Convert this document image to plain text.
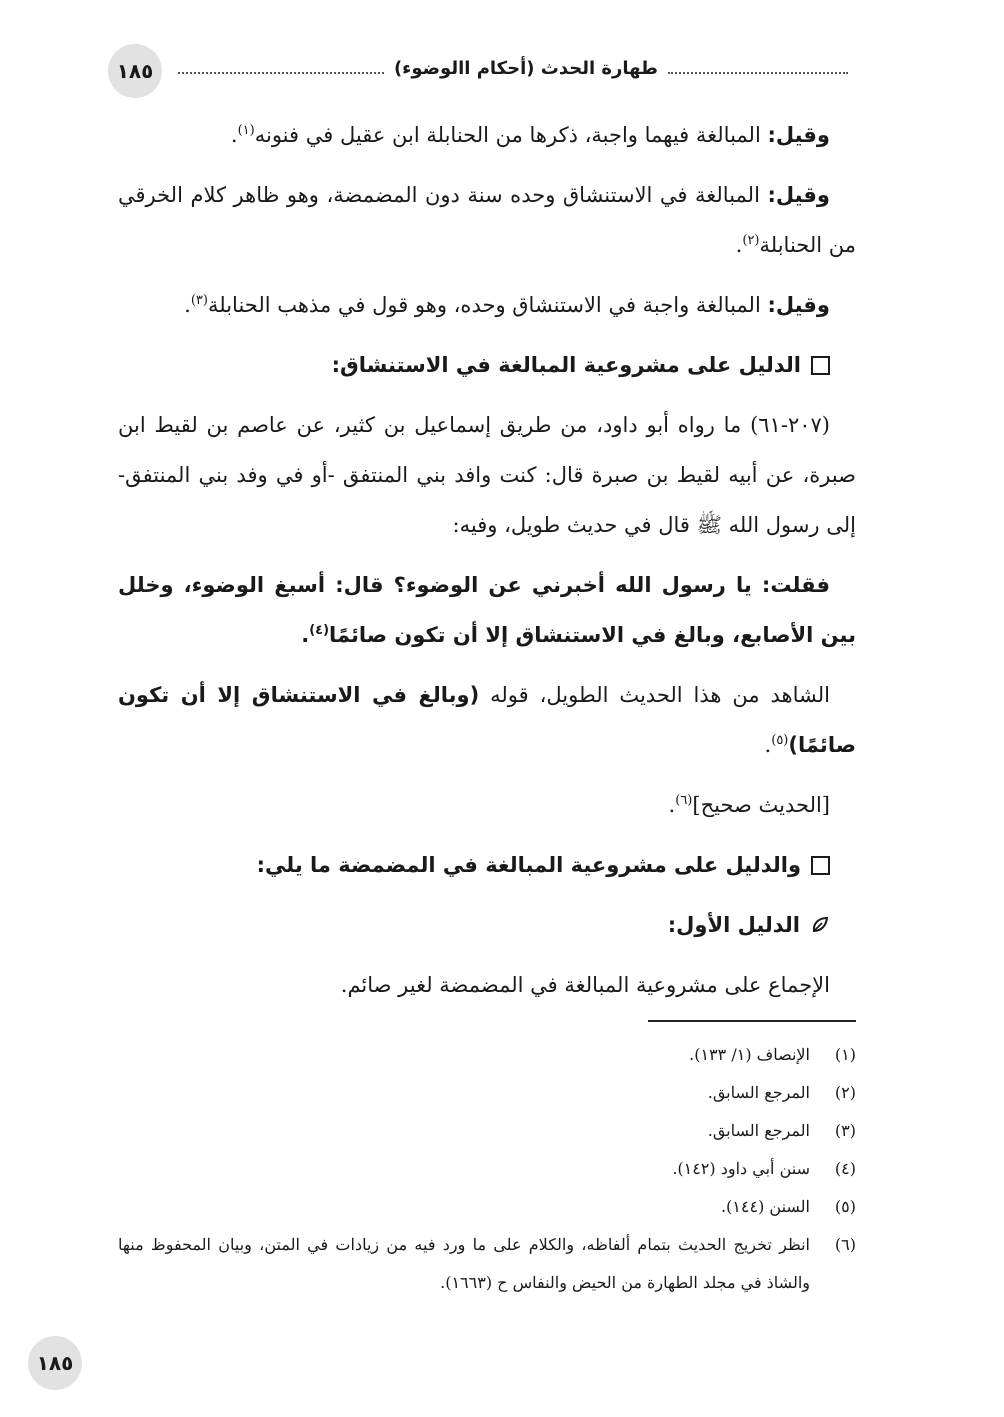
١٨٥	طهارة الحدث (أحكام االوضوء)

وقيل: المبالغة فيهما واجبة، ذكرها من الحنابلة ابن عقيل في فنونه$^{(١)}$.

وقيل: المبالغة في الاستنشاق وحده سنة دون المضمضة، وهو ظاهر كلام الخرقي من الحنابلة$^{(٢)}$.

وقيل: المبالغة واجبة في الاستنشاق وحده، وهو قول في مذهب الحنابلة$^{(٣)}$.

الدليل على مشروعية المبالغة في الاستنشاق:

(٢٠٧-٦١) ما رواه أبو داود، من طريق إسماعيل بن كثير، عن عاصم بن لقيط ابن صبرة، عن أبيه لقيط بن صبرة قال: كنت وافد بني المنتفق -أو في وفد بني المنتفق- إلى رسول الله ﷺ قال في حديث طويل، وفيه:

فقلت: يا رسول الله أخبرني عن الوضوء؟ قال: أسبغ الوضوء، وخلل بين الأصابع، وبالغ في الاستنشاق إلا أن تكون صائمًا$^{(٤)}$.

الشاهد من هذا الحديث الطويل، قوله (وبالغ في الاستنشاق إلا أن تكون صائمًا)$^{(٥)}$.

[الحديث صحيح]$^{(٦)}$.

والدليل على مشروعية المبالغة في المضمضة ما يلي:
الدليل الأول:

الإجماع على مشروعية المبالغة في المضمضة لغير صائم.

(١)
الإنصاف (١/ ١٣٣).
(٢)
المرجع السابق.
(٣)
المرجع السابق.
(٤)
سنن أبي داود (١٤٢).
(٥)
السنن (١٤٤).
(٦)
انظر تخريج الحديث بتمام ألفاظه، والكلام على ما ورد فيه من زيادات في المتن، وبيان المحفوظ منها والشاذ في مجلد الطهارة من الحيض والنفاس ح (١٦٦٣).
١٨٥
